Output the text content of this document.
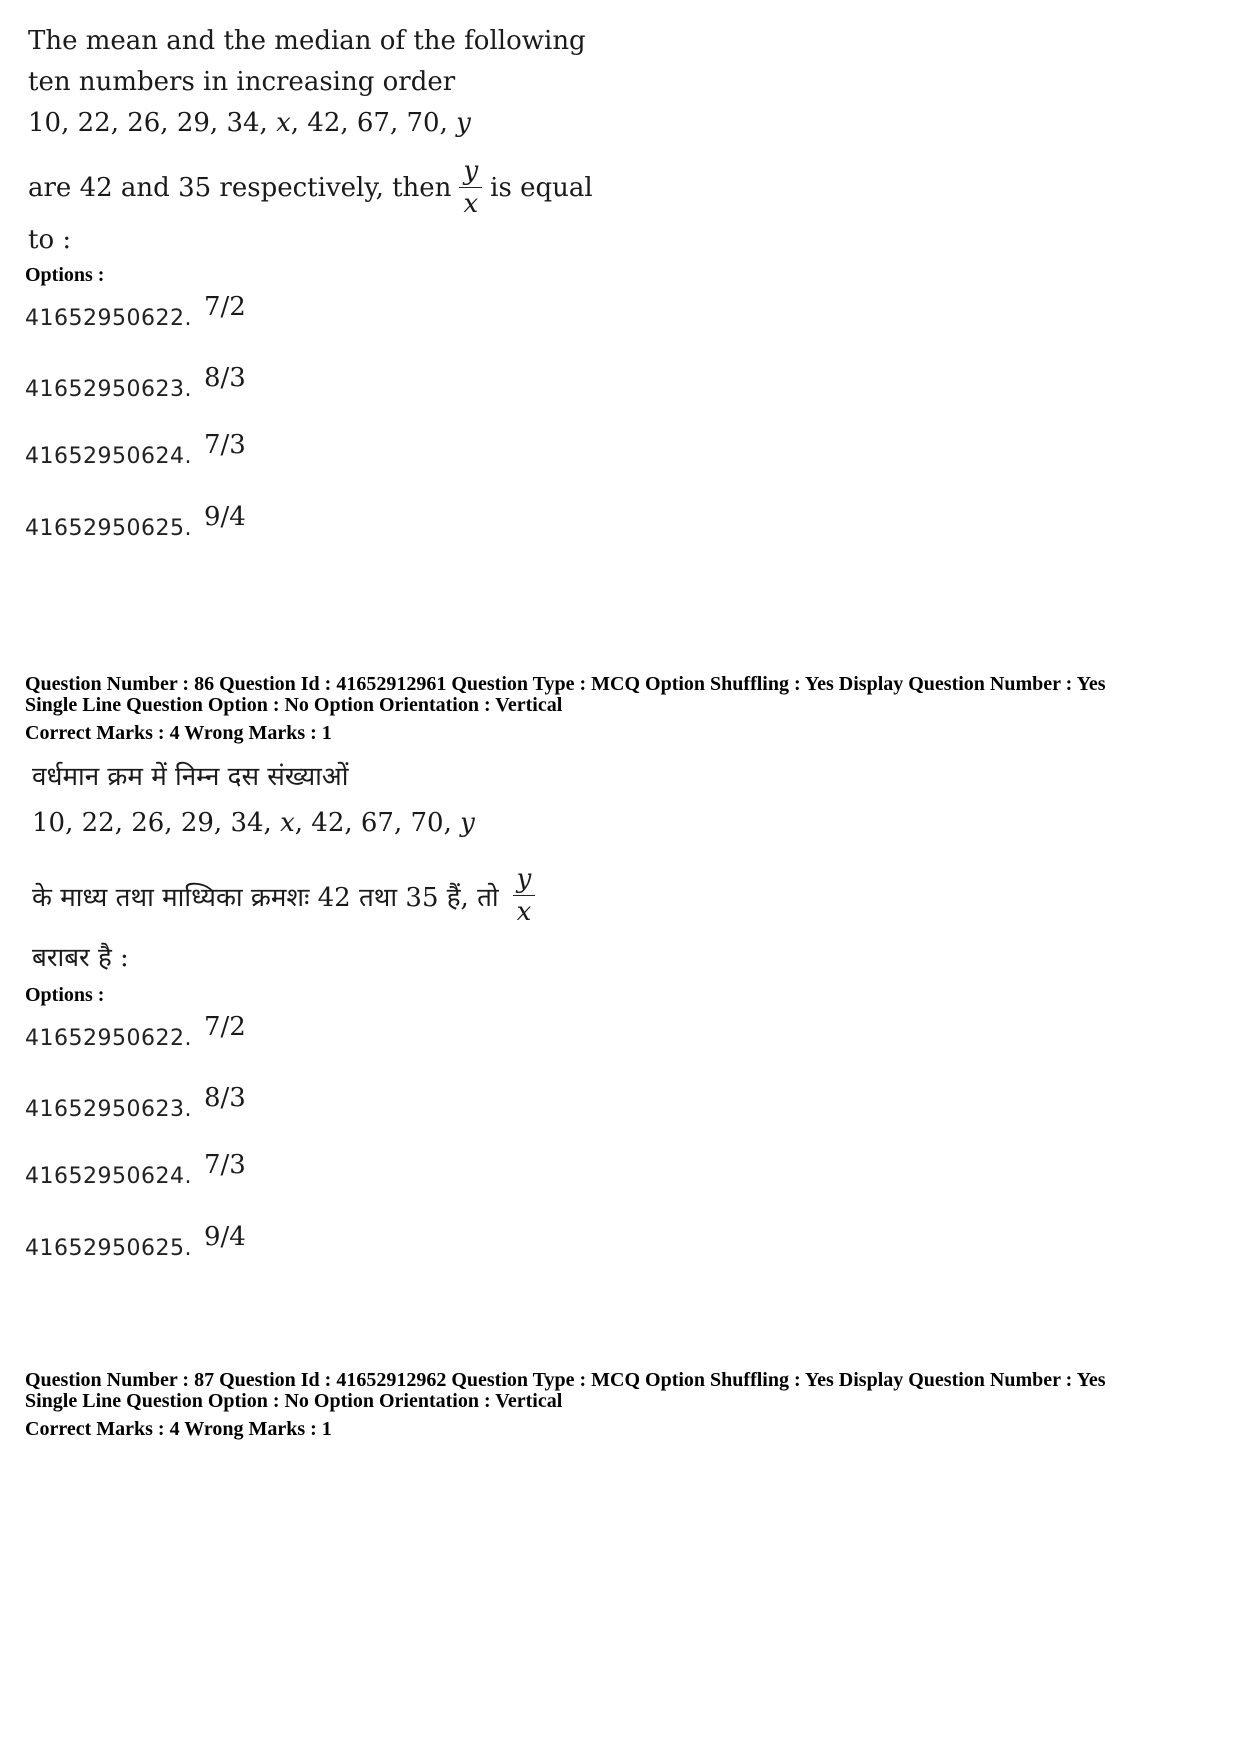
The mean and the median of the following
ten numbers in increasing order
10, 22, 26, 29, 34, x, 42, 67, 70, y
are 42 and 35 respectively, then $\frac{y}{x}$ is equal
to :
Options :
41652950622. 7/2
41652950623. 8/3
41652950624. 7/3
41652950625. 9/4
Question Number : 86 Question Id : 41652912961 Question Type : MCQ Option Shuffling : Yes Display Question Number : Yes
Single Line Question Option : No Option Orientation : Vertical
Correct Marks : 4 Wrong Marks : 1
वर्धमान क्रम में निम्न दस संख्याओं
10, 22, 26, 29, 34, x, 42, 67, 70, y
के माध्य तथा माध्यिका क्रमशः 42 तथा 35 हैं, तो $\frac{y}{x}$
बराबर है :
Options :
41652950622. 7/2
41652950623. 8/3
41652950624. 7/3
41652950625. 9/4
Question Number : 87 Question Id : 41652912962 Question Type : MCQ Option Shuffling : Yes Display Question Number : Yes
Single Line Question Option : No Option Orientation : Vertical
Correct Marks : 4 Wrong Marks : 1
